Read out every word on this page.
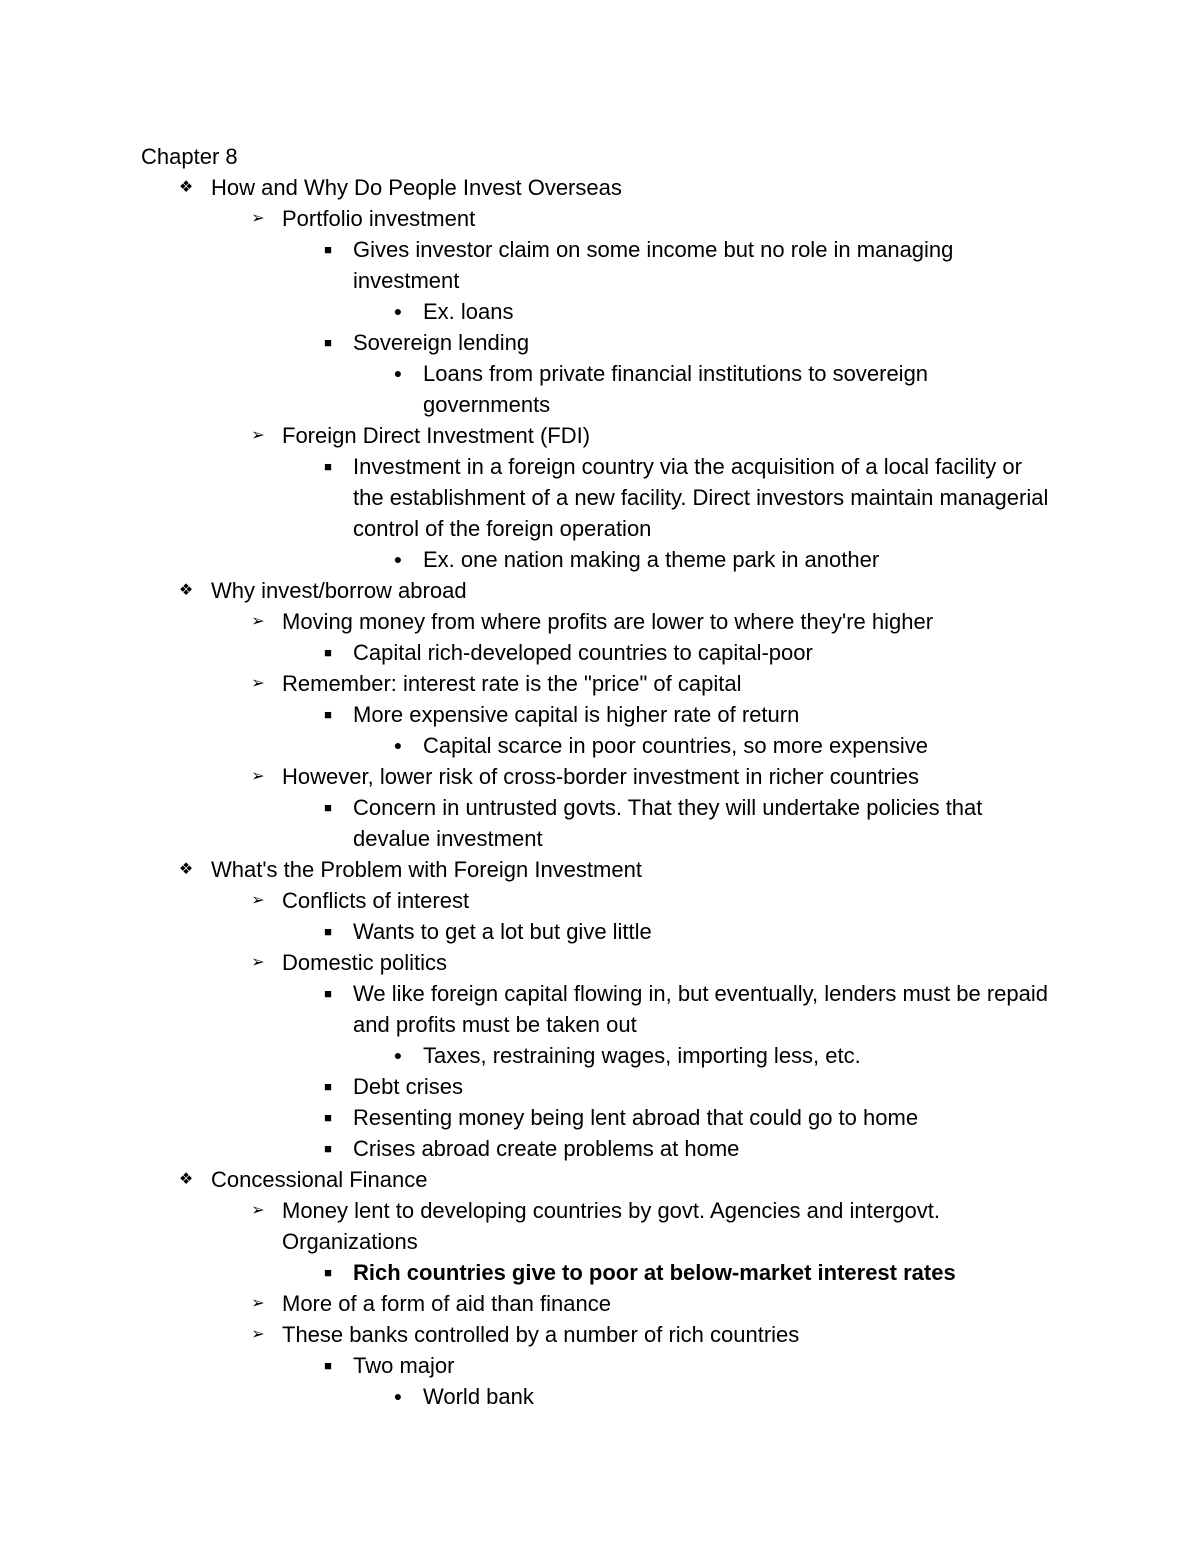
Chapter 8
❖ How and Why Do People Invest Overseas
➢ Portfolio investment
■ Gives investor claim on some income but no role in managing investment
● Ex. loans
■ Sovereign lending
● Loans from private financial institutions to sovereign governments
➢ Foreign Direct Investment (FDI)
■ Investment in a foreign country via the acquisition of a local facility or the establishment of a new facility. Direct investors maintain managerial control of the foreign operation
● Ex. one nation making a theme park in another
❖ Why invest/borrow abroad
➢ Moving money from where profits are lower to where they're higher
■ Capital rich-developed countries to capital-poor
➢ Remember: interest rate is the "price" of capital
■ More expensive capital is higher rate of return
● Capital scarce in poor countries, so more expensive
➢ However, lower risk of cross-border investment in richer countries
■ Concern in untrusted govts. That they will undertake policies that devalue investment
❖ What's the Problem with Foreign Investment
➢ Conflicts of interest
■ Wants to get a lot but give little
➢ Domestic politics
■ We like foreign capital flowing in, but eventually, lenders must be repaid and profits must be taken out
● Taxes, restraining wages, importing less, etc.
■ Debt crises
■ Resenting money being lent abroad that could go to home
■ Crises abroad create problems at home
❖ Concessional Finance
➢ Money lent to developing countries by govt. Agencies and intergovt. Organizations
■ Rich countries give to poor at below-market interest rates
➢ More of a form of aid than finance
➢ These banks controlled by a number of rich countries
■ Two major
● World bank
